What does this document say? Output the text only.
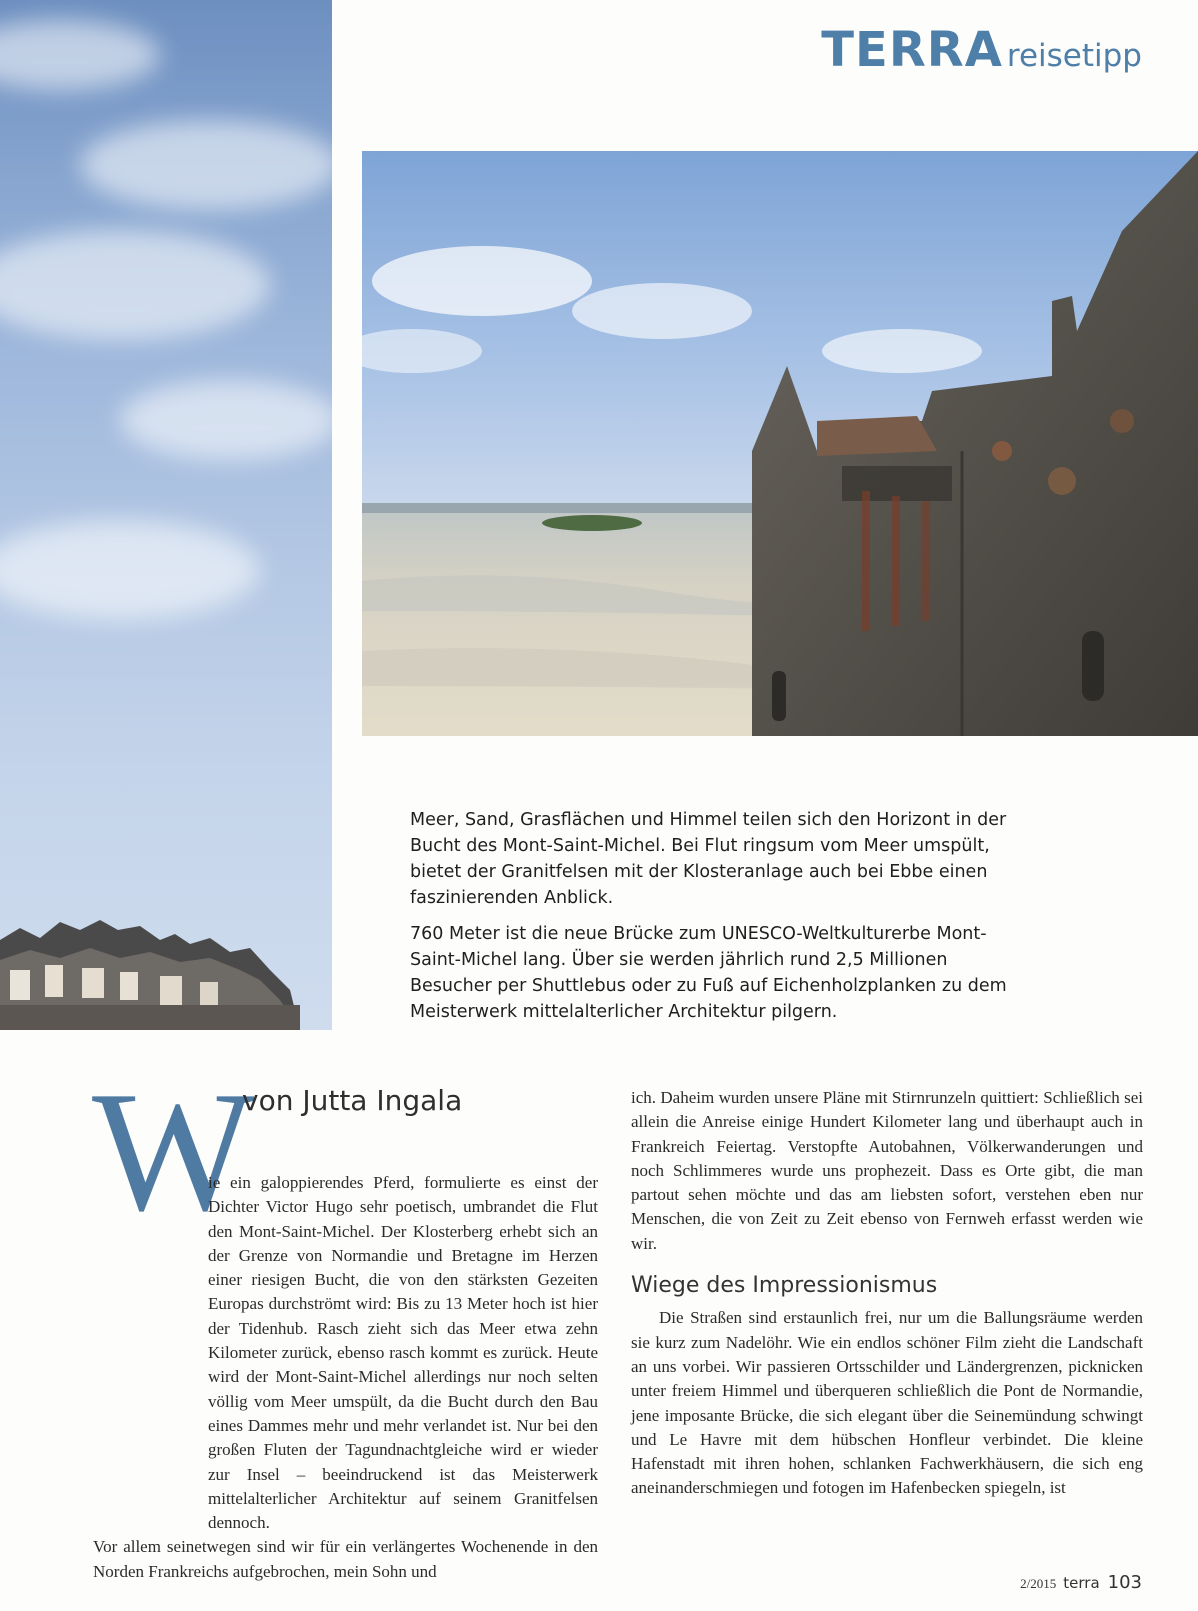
TERRA reisetipp

Meer, Sand, Grasflächen und Himmel teilen sich den Horizont in der Bucht des Mont-Saint-Michel. Bei Flut ringsum vom Meer umspült, bietet der Granitfelsen mit der Klosteranlage auch bei Ebbe einen faszinierenden Anblick.

760 Meter ist die neue Brücke zum UNESCO-Weltkulturerbe Mont-Saint-Michel lang. Über sie werden jährlich rund 2,5 Millionen Besucher per Shuttlebus oder zu Fuß auf Eichenholzplanken zu dem Meisterwerk mittelalterlicher Architektur pilgern.

W
von Jutta Ingala

ie ein galoppierendes Pferd, formulierte es einst der Dichter Victor Hugo sehr poetisch, umbrandet die Flut den Mont-Saint-Michel. Der Klosterberg erhebt sich an der Grenze von Normandie und Bretagne im Herzen einer riesigen Bucht, die von den stärksten Gezeiten Europas durchströmt wird: Bis zu 13 Meter hoch ist hier der Tidenhub. Rasch zieht sich das Meer etwa zehn Kilometer zurück, ebenso rasch kommt es zurück. Heute wird der Mont-Saint-Michel allerdings nur noch selten völlig vom Meer umspült, da die Bucht durch den Bau eines Dammes mehr und mehr verlandet ist. Nur bei den großen Fluten der Tagundnachtgleiche wird er wieder zur Insel – beeindruckend ist das Meisterwerk mittelalterlicher Architektur auf seinem Granitfelsen dennoch.

Vor allem seinetwegen sind wir für ein verlängertes Wochenende in den Norden Frankreichs aufgebrochen, mein Sohn und

ich. Daheim wurden unsere Pläne mit Stirnrunzeln quittiert: Schließlich sei allein die Anreise einige Hundert Kilometer lang und überhaupt auch in Frankreich Feiertag. Verstopfte Autobahnen, Völkerwanderungen und noch Schlimmeres wurde uns prophezeit. Dass es Orte gibt, die man partout sehen möchte und das am liebsten sofort, verstehen eben nur Menschen, die von Zeit zu Zeit ebenso von Fernweh erfasst werden wie wir.

Wiege des Impressionismus

Die Straßen sind erstaunlich frei, nur um die Ballungsräume werden sie kurz zum Nadelöhr. Wie ein endlos schöner Film zieht die Landschaft an uns vorbei. Wir passieren Ortsschilder und Ländergrenzen, picknicken unter freiem Himmel und überqueren schließlich die Pont de Normandie, jene imposante Brücke, die sich elegant über die Seinemündung schwingt und Le Havre mit dem hübschen Honfleur verbindet. Die kleine Hafenstadt mit ihren hohen, schlanken Fachwerkhäusern, die sich eng aneinanderschmiegen und fotogen im Hafenbecken spiegeln, ist

2/2015 terra 103
